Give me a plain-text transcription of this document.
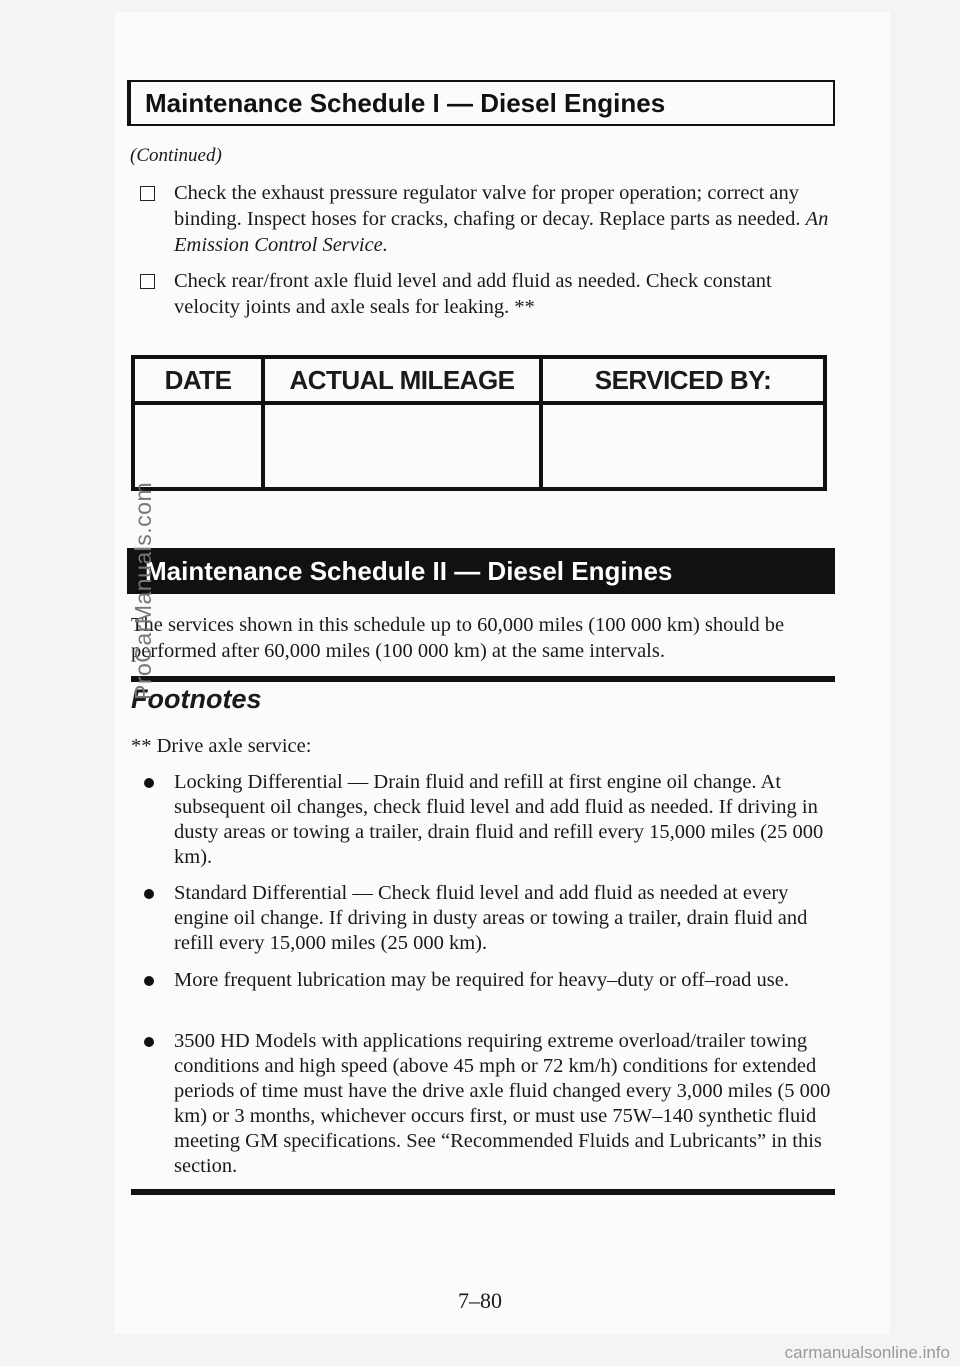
Maintenance Schedule I — Diesel Engines
(Continued)
Check the exhaust pressure regulator valve for proper operation; correct any binding. Inspect hoses for cracks, chafing or decay. Replace parts as needed. An Emission Control Service.
Check rear/front axle fluid level and add fluid as needed. Check constant velocity joints and axle seals for leaking. **
DATE	ACTUAL MILEAGE	SERVICED BY:

Maintenance Schedule II — Diesel Engines
The services shown in this schedule up to 60,000 miles (100 000 km) should be performed after 60,000 miles (100 000 km) at the same intervals.
Footnotes
** Drive axle service:
Locking Differential — Drain fluid and refill at first engine oil change. At subsequent oil changes, check fluid level and add fluid as needed. If driving in dusty areas or towing a trailer, drain fluid and refill every 15,000 miles (25 000 km).
Standard Differential — Check fluid level and add fluid as needed at every engine oil change. If driving in dusty areas or towing a trailer, drain fluid and refill every 15,000 miles (25 000 km).
More frequent lubrication may be required for heavy–duty or off–road use.
3500 HD Models with applications requiring extreme overload/trailer towing conditions and high speed (above 45 mph or 72 km/h) conditions for extended periods of time must have the drive axle fluid changed every 3,000 miles (5 000 km) or 3 months, whichever occurs first, or must use 75W–140 synthetic fluid meeting GM specifications. See “Recommended Fluids and Lubricants” in this section.
7–80
ProCarManuals.com
carmanualsonline.info
